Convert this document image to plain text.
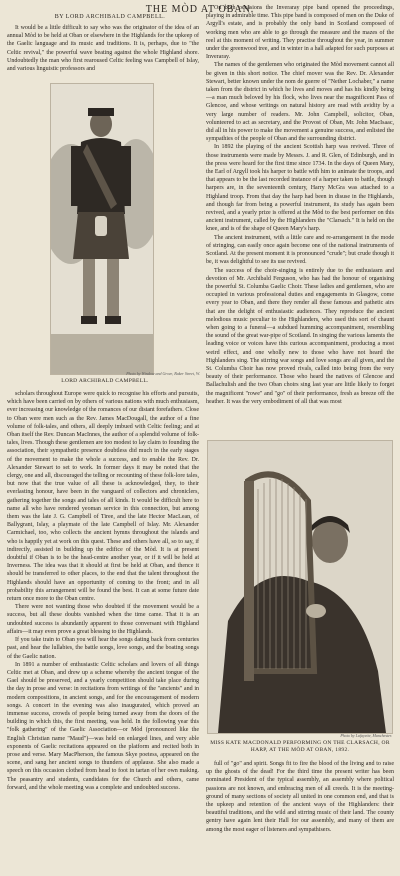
THE MÒD AT OBAN.
BY LORD ARCHIBALD CAMPBELL.

It would be a little difficult to say who was the originator of the idea of an annual Mòd to be held at Oban or elsewhere in the Highlands for the upkeep of the Gaelic language and its music and traditions. It is, perhaps, due to "the Celtic revival," the powerful wave beating against the whole Highland shore. Undoubtedly the man who first rearoused Celtic feeling was Campbell of Islay, and various linguistic professors and

Photo by Window and Grove, Baker Street, W.
LORD ARCHIBALD CAMPBELL.

scholars throughout Europe were quick to recognise his efforts and pursuits, which have been carried on by others of various nations with much enthusiasm, ever increasing our knowledge of the romances of our distant forefathers. Close to Oban were men such as the Rev. James MacDougall, the author of a fine volume of folk-tales, and others, all deeply imbued with Celtic feeling; and at Oban itself the Rev. Duncan MacInnes, the author of a splendid volume of folk-tales, lives. Though these gentlemen are too modest to lay claim to founding the association, their sympathetic presence doubtless did much in the early stages of the movement to make the whole a success, and to enable the Rev. Dr. Alexander Stewart to set to work. In former days it may be noted that the clergy, one and all, discouraged the telling or recounting of these folk-lore tales, but now that the true value of all these is acknowledged, they, to their everlasting honour, have been in the vanguard of collectors and chroniclers, gathering together the songs and tales of all kinds. It would be difficult here to name all who have rendered yeoman service in this connection, but among them was the late J. G. Campbell of Tiree, and the late Hector MacLean, of Ballygrant, Islay, a playmate of the late Campbell of Islay. Mr. Alexander Carmichael, too, who collects the ancient hymns throughout the islands and who is happily yet at work on this quest. These and others have all, so to say, if indirectly, assisted in building up the edifice of the Mòd. It is at present doubtful if Oban is to be the head-centre another year, or if it will be held at Inverness. The idea was that it should at first be held at Oban, and thence it should be transferred to other places, to the end that the talent throughout the Highlands should have an opportunity of coming to the front; and in all probability this arrangement will be found the best. It can at some future date return once more to the Oban centre.

There were not wanting those who doubted if the movement would be a success, but all these doubts vanished when the time came. That it is an undoubted success is abundantly apparent to those conversant with Highland affairs—it may even prove a great blessing to the Highlands.

If you take train to Oban you will hear the songs dating back from centuries past, and hear the lullabies, the battle songs, love songs, and the boating songs of the Gaelic nation.

In 1891 a number of enthusiastic Celtic scholars and lovers of all things Celtic met at Oban, and drew up a scheme whereby the ancient tongue of the Gael should be preserved, and a yearly competition should take place during the day in prose and verse: in recitations from writings of the "ancients" and in modern compositions, in ancient songs, and for the encouragement of modern songs. A concert in the evening was also inaugurated, which proved an immense success, crowds of people being turned away from the doors of the building in which this, the first meeting, was held. In the following year this "folk gathering" of the Gaelic Association—or Mòd (pronounced like the English Christian name "Maud")—was held on enlarged lines, and very able exponents of Gaelic recitations appeared on the platform and recited both in prose and verse. Mary MacPherson, the famous Skye poetess, appeared on the scene, and sang her ancient songs to thunders of applause. She also made a speech on this occasion clothed from head to foot in tartan of her own making. The peasantry and students, candidates for the Church and others, came forward, and the whole meeting was a complete and undoubted success.

On both occasions the Inveraray pipe band opened the proceedings, playing in admirable time. This pipe band is composed of men on the Duke of Argyll's estate, and is probably the only band in Scotland composed of working men who are able to go through the measure and the mazes of the reel at this moment of writing. They practise throughout the year, in summer under the greenwood tree, and in winter in a hall adapted for such purposes at Inveraray.

The names of the gentlemen who originated the Mòd movement cannot all be given in this short notice. The chief mover was the Rev. Dr. Alexander Stewart, better known under the nom de guerre of "Nether Lochaber," a name taken from the district in which he lives and moves and has his kindly being—a man much beloved by his flock, who lives near the magnificent Pass of Glencoe, and whose writings on natural history are read with avidity by a very large number of readers. Mr. John Campbell, solicitor, Oban, volunteered to act as secretary, and the Provost of Oban, Mr. John MacIsaac, did all in his power to make the movement a genuine success, and enlisted the sympathies of the people of Oban and the surrounding district.

In 1892 the playing of the ancient Scottish harp was revived. Three of those instruments were made by Messrs. J. and R. Glen, of Edinburgh, and in the press were heard for the first time since 1734. In the days of Queen Mary, the Earl of Argyll took his harper to battle with him to animate the troops, and that appears to be the last recorded instance of a harper taken to battle, though harpers are, in the seventeenth century, Harry McGra was attached to a Highland troop. From that day the harp had been in disuse in the Highlands, and though far from being a powerful instrument, its study has again been revived, and a yearly prize is offered at the Mòd to the best performer on this ancient instrument, called by the Highlanders the "Clarsach." It is held on the knee, and is of the shape of Queen Mary's harp.

The ancient instrument, with a little care and re-arrangement in the mode of stringing, can easily once again become one of the national instruments of Scotland. At the present moment it is pronounced "crude"; but crude though it be, it was delightful to see its use revived.

The success of the choir-singing is entirely due to the enthusiasm and devotion of Mr. Archibald Ferguson, who has had the honour of organising the powerful St. Columba Gaelic Choir. These ladies and gentlemen, who are occupied in various professional duties and engagements in Glasgow, come every year to Oban, and there they render all these famous and pathetic airs that are the delight of enthusiastic audiences. They reproduce the ancient melodious music peculiar to the Highlanders, who used this sort of chaunt when going to a funeral—a subdued humming accompaniment, resembling the sound of the great war-pipe of Scotland. In singing the various laments the leading voice or voices have this curious accompaniment, producing a most weird effect, and one wholly new to those who have not heard the Highlanders sing. The stirring war songs and love songs are all given, and the St. Columba Choir has now proved rivals, called into being from the very beauty of their performance. Those who heard the natives of Glencoe and Ballachulish and the two Oban choirs sing last year are little likely to forget the magnificent "rowe" and "go" of their performance, fresh as breeze off the heather. It was the very embodiment of all that was most

Photo by Lafayette, Manchester.
MISS KATE MACDONALD PERFORMING ON THE CLARSACH, OR HARP, AT THE MÒD AT OBAN, 1892.

full of "go" and spirit. Songs fit to fire the blood of the living and to raise up the ghosts of the dead! For the third time the present writer has been nominated President of the typical assembly, an assembly where political passions are not known, and embracing men of all creeds. It is the meeting-ground of many sections of society all united in one common end, and that is the upkeep and retention of the ancient ways of the Highlanders: their beautiful traditions, and the wild and stirring music of their land. The county gentry have again lent their Hall for our assembly, and many of them are among the most eager of listeners and sympathisers.
